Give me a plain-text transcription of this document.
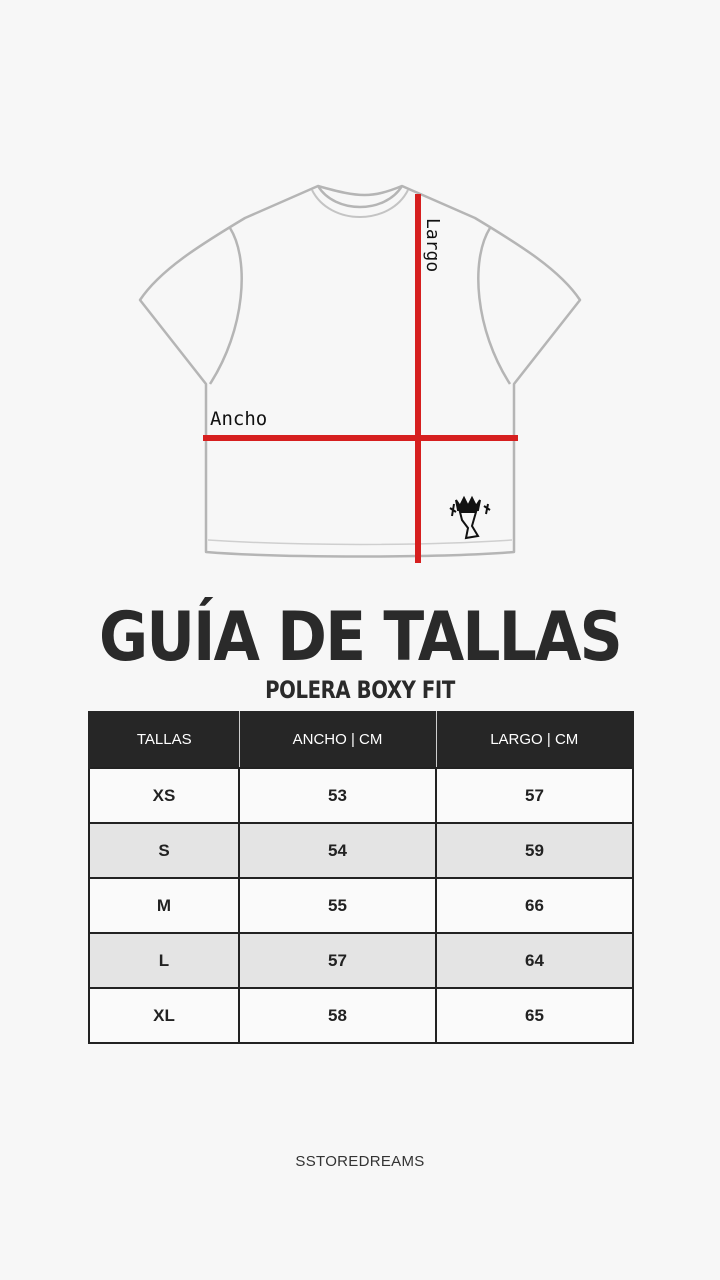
Ancho
Largo
GUÍA DE TALLAS
POLERA BOXY FIT
TALLAS	ANCHO | CM	LARGO | CM
XS	53	57
S	54	59
M	55	66
L	57	64
XL	58	65
SSTOREDREAMS
